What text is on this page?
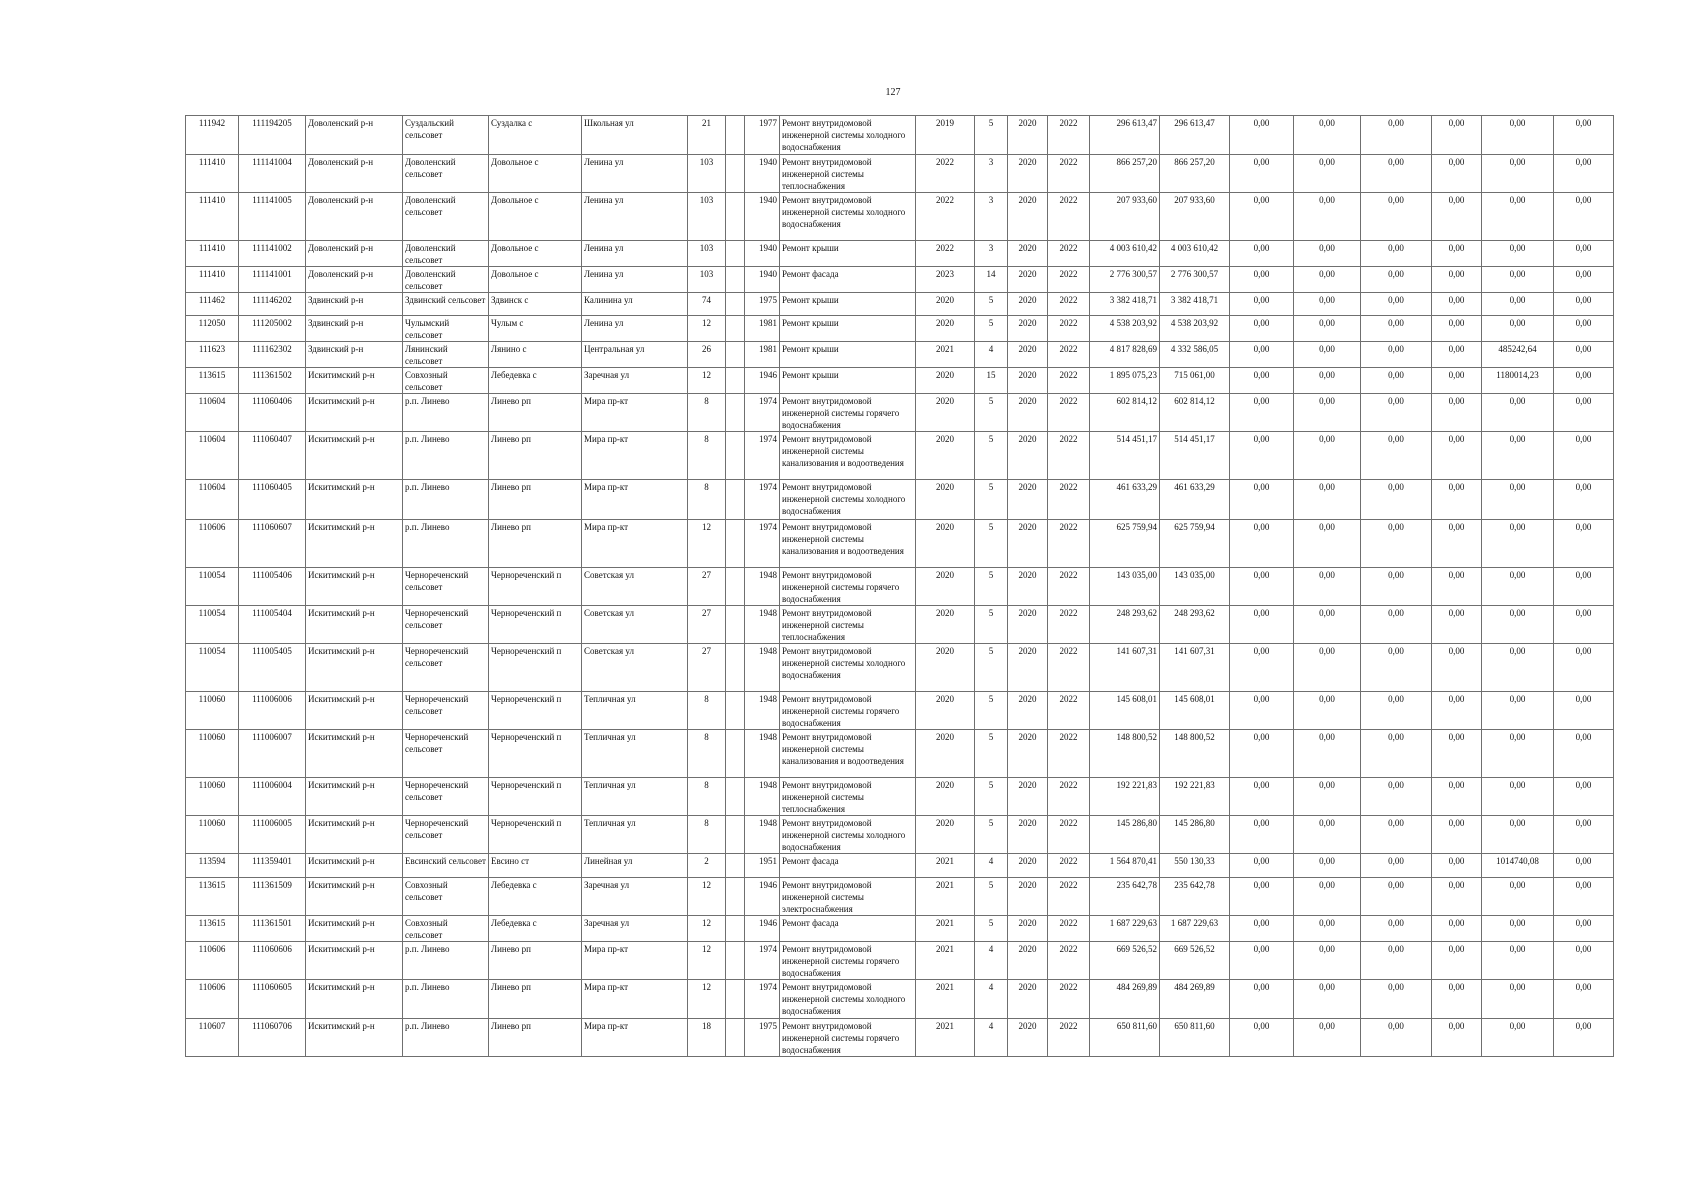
127
111942	111194205	Доволенский р-н	Суздальский сельсовет	Суздалка с	Школьная ул	21		1977	Ремонт внутридомовой инженерной системы холодного водоснабжения	2019	5	2020	2022	296 613,47	296 613,47	0,00	0,00	0,00	0,00	0,00	0,00
111410	111141004	Доволенский р-н	Доволенский сельсовет	Довольное с	Ленина ул	103		1940	Ремонт внутридомовой инженерной системы теплоснабжения	2022	3	2020	2022	866 257,20	866 257,20	0,00	0,00	0,00	0,00	0,00	0,00
111410	111141005	Доволенский р-н	Доволенский сельсовет	Довольное с	Ленина ул	103		1940	Ремонт внутридомовой инженерной системы холодного водоснабжения	2022	3	2020	2022	207 933,60	207 933,60	0,00	0,00	0,00	0,00	0,00	0,00
111410	111141002	Доволенский р-н	Доволенский сельсовет	Довольное с	Ленина ул	103		1940	Ремонт крыши	2022	3	2020	2022	4 003 610,42	4 003 610,42	0,00	0,00	0,00	0,00	0,00	0,00
111410	111141001	Доволенский р-н	Доволенский сельсовет	Довольное с	Ленина ул	103		1940	Ремонт фасада	2023	14	2020	2022	2 776 300,57	2 776 300,57	0,00	0,00	0,00	0,00	0,00	0,00
111462	111146202	Здвинский р-н	Здвинский сельсовет	Здвинск с	Калинина ул	74		1975	Ремонт крыши	2020	5	2020	2022	3 382 418,71	3 382 418,71	0,00	0,00	0,00	0,00	0,00	0,00
112050	111205002	Здвинский р-н	Чулымский сельсовет	Чулым с	Ленина ул	12		1981	Ремонт крыши	2020	5	2020	2022	4 538 203,92	4 538 203,92	0,00	0,00	0,00	0,00	0,00	0,00
111623	111162302	Здвинский р-н	Лянинский сельсовет	Лянино с	Центральная ул	26		1981	Ремонт крыши	2021	4	2020	2022	4 817 828,69	4 332 586,05	0,00	0,00	0,00	0,00	485242,64	0,00
113615	111361502	Искитимский р-н	Совхозный сельсовет	Лебедевка с	Заречная ул	12		1946	Ремонт крыши	2020	15	2020	2022	1 895 075,23	715 061,00	0,00	0,00	0,00	0,00	1180014,23	0,00
110604	111060406	Искитимский р-н	р.п. Линево	Линево рп	Мира пр-кт	8		1974	Ремонт внутридомовой инженерной системы горячего водоснабжения	2020	5	2020	2022	602 814,12	602 814,12	0,00	0,00	0,00	0,00	0,00	0,00
110604	111060407	Искитимский р-н	р.п. Линево	Линево рп	Мира пр-кт	8		1974	Ремонт внутридомовой инженерной системы канализования и водоотведения	2020	5	2020	2022	514 451,17	514 451,17	0,00	0,00	0,00	0,00	0,00	0,00
110604	111060405	Искитимский р-н	р.п. Линево	Линево рп	Мира пр-кт	8		1974	Ремонт внутридомовой инженерной системы холодного водоснабжения	2020	5	2020	2022	461 633,29	461 633,29	0,00	0,00	0,00	0,00	0,00	0,00
110606	111060607	Искитимский р-н	р.п. Линево	Линево рп	Мира пр-кт	12		1974	Ремонт внутридомовой инженерной системы канализования и водоотведения	2020	5	2020	2022	625 759,94	625 759,94	0,00	0,00	0,00	0,00	0,00	0,00
110054	111005406	Искитимский р-н	Чернореченский сельсовет	Чернореченский п	Советская ул	27		1948	Ремонт внутридомовой инженерной системы горячего водоснабжения	2020	5	2020	2022	143 035,00	143 035,00	0,00	0,00	0,00	0,00	0,00	0,00
110054	111005404	Искитимский р-н	Чернореченский сельсовет	Чернореченский п	Советская ул	27		1948	Ремонт внутридомовой инженерной системы теплоснабжения	2020	5	2020	2022	248 293,62	248 293,62	0,00	0,00	0,00	0,00	0,00	0,00
110054	111005405	Искитимский р-н	Чернореченский сельсовет	Чернореченский п	Советская ул	27		1948	Ремонт внутридомовой инженерной системы холодного водоснабжения	2020	5	2020	2022	141 607,31	141 607,31	0,00	0,00	0,00	0,00	0,00	0,00
110060	111006006	Искитимский р-н	Чернореченский сельсовет	Чернореченский п	Тепличная ул	8		1948	Ремонт внутридомовой инженерной системы горячего водоснабжения	2020	5	2020	2022	145 608,01	145 608,01	0,00	0,00	0,00	0,00	0,00	0,00
110060	111006007	Искитимский р-н	Чернореченский сельсовет	Чернореченский п	Тепличная ул	8		1948	Ремонт внутридомовой инженерной системы канализования и водоотведения	2020	5	2020	2022	148 800,52	148 800,52	0,00	0,00	0,00	0,00	0,00	0,00
110060	111006004	Искитимский р-н	Чернореченский сельсовет	Чернореченский п	Тепличная ул	8		1948	Ремонт внутридомовой инженерной системы теплоснабжения	2020	5	2020	2022	192 221,83	192 221,83	0,00	0,00	0,00	0,00	0,00	0,00
110060	111006005	Искитимский р-н	Чернореченский сельсовет	Чернореченский п	Тепличная ул	8		1948	Ремонт внутридомовой инженерной системы холодного водоснабжения	2020	5	2020	2022	145 286,80	145 286,80	0,00	0,00	0,00	0,00	0,00	0,00
113594	111359401	Искитимский р-н	Евсинский сельсовет	Евсино ст	Линейная ул	2		1951	Ремонт фасада	2021	4	2020	2022	1 564 870,41	550 130,33	0,00	0,00	0,00	0,00	1014740,08	0,00
113615	111361509	Искитимский р-н	Совхозный сельсовет	Лебедевка с	Заречная ул	12		1946	Ремонт внутридомовой инженерной системы электроснабжения	2021	5	2020	2022	235 642,78	235 642,78	0,00	0,00	0,00	0,00	0,00	0,00
113615	111361501	Искитимский р-н	Совхозный сельсовет	Лебедевка с	Заречная ул	12		1946	Ремонт фасада	2021	5	2020	2022	1 687 229,63	1 687 229,63	0,00	0,00	0,00	0,00	0,00	0,00
110606	111060606	Искитимский р-н	р.п. Линево	Линево рп	Мира пр-кт	12		1974	Ремонт внутридомовой инженерной системы горячего водоснабжения	2021	4	2020	2022	669 526,52	669 526,52	0,00	0,00	0,00	0,00	0,00	0,00
110606	111060605	Искитимский р-н	р.п. Линево	Линево рп	Мира пр-кт	12		1974	Ремонт внутридомовой инженерной системы холодного водоснабжения	2021	4	2020	2022	484 269,89	484 269,89	0,00	0,00	0,00	0,00	0,00	0,00
110607	111060706	Искитимский р-н	р.п. Линево	Линево рп	Мира пр-кт	18		1975	Ремонт внутридомовой инженерной системы горячего водоснабжения	2021	4	2020	2022	650 811,60	650 811,60	0,00	0,00	0,00	0,00	0,00	0,00
